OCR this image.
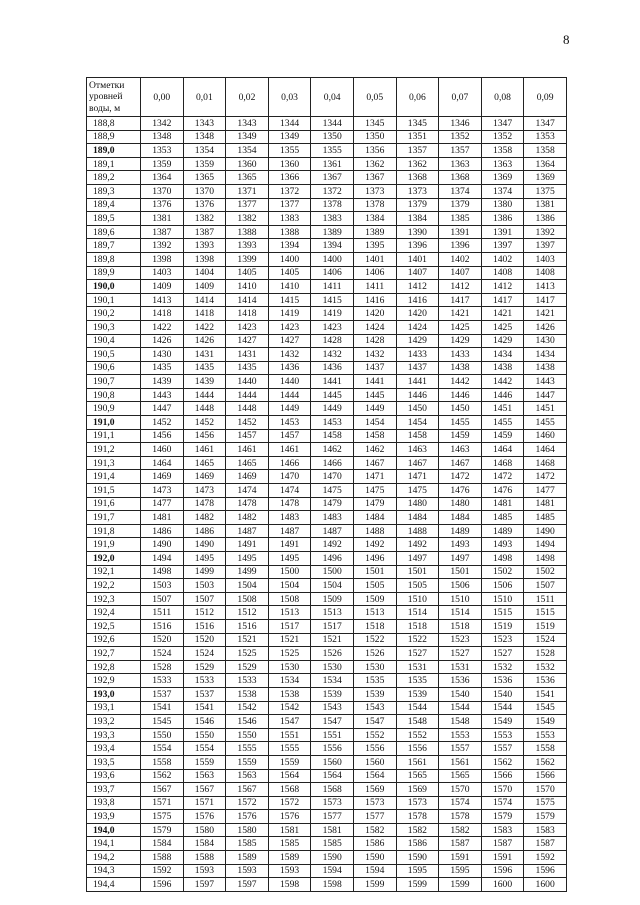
8
Отметки уровней воды, м	0,00	0,01	0,02	0,03	0,04	0,05	0,06	0,07	0,08	0,09
188,8	1342	1343	1343	1344	1344	1345	1345	1346	1347	1347
188,9	1348	1348	1349	1349	1350	1350	1351	1352	1352	1353
189,0	1353	1354	1354	1355	1355	1356	1357	1357	1358	1358
189,1	1359	1359	1360	1360	1361	1362	1362	1363	1363	1364
189,2	1364	1365	1365	1366	1367	1367	1368	1368	1369	1369
189,3	1370	1370	1371	1372	1372	1373	1373	1374	1374	1375
189,4	1376	1376	1377	1377	1378	1378	1379	1379	1380	1381
189,5	1381	1382	1382	1383	1383	1384	1384	1385	1386	1386
189,6	1387	1387	1388	1388	1389	1389	1390	1391	1391	1392
189,7	1392	1393	1393	1394	1394	1395	1396	1396	1397	1397
189,8	1398	1398	1399	1400	1400	1401	1401	1402	1402	1403
189,9	1403	1404	1405	1405	1406	1406	1407	1407	1408	1408
190,0	1409	1409	1410	1410	1411	1411	1412	1412	1412	1413
190,1	1413	1414	1414	1415	1415	1416	1416	1417	1417	1417
190,2	1418	1418	1418	1419	1419	1420	1420	1421	1421	1421
190,3	1422	1422	1423	1423	1423	1424	1424	1425	1425	1426
190,4	1426	1426	1427	1427	1428	1428	1429	1429	1429	1430
190,5	1430	1431	1431	1432	1432	1432	1433	1433	1434	1434
190,6	1435	1435	1435	1436	1436	1437	1437	1438	1438	1438
190,7	1439	1439	1440	1440	1441	1441	1441	1442	1442	1443
190,8	1443	1444	1444	1444	1445	1445	1446	1446	1446	1447
190,9	1447	1448	1448	1449	1449	1449	1450	1450	1451	1451
191,0	1452	1452	1452	1453	1453	1454	1454	1455	1455	1455
191,1	1456	1456	1457	1457	1458	1458	1458	1459	1459	1460
191,2	1460	1461	1461	1461	1462	1462	1463	1463	1464	1464
191,3	1464	1465	1465	1466	1466	1467	1467	1467	1468	1468
191,4	1469	1469	1469	1470	1470	1471	1471	1472	1472	1472
191,5	1473	1473	1474	1474	1475	1475	1475	1476	1476	1477
191,6	1477	1478	1478	1478	1479	1479	1480	1480	1481	1481
191,7	1481	1482	1482	1483	1483	1484	1484	1484	1485	1485
191,8	1486	1486	1487	1487	1487	1488	1488	1489	1489	1490
191,9	1490	1490	1491	1491	1492	1492	1492	1493	1493	1494
192,0	1494	1495	1495	1495	1496	1496	1497	1497	1498	1498
192,1	1498	1499	1499	1500	1500	1501	1501	1501	1502	1502
192,2	1503	1503	1504	1504	1504	1505	1505	1506	1506	1507
192,3	1507	1507	1508	1508	1509	1509	1510	1510	1510	1511
192,4	1511	1512	1512	1513	1513	1513	1514	1514	1515	1515
192,5	1516	1516	1516	1517	1517	1518	1518	1518	1519	1519
192,6	1520	1520	1521	1521	1521	1522	1522	1523	1523	1524
192,7	1524	1524	1525	1525	1526	1526	1527	1527	1527	1528
192,8	1528	1529	1529	1530	1530	1530	1531	1531	1532	1532
192,9	1533	1533	1533	1534	1534	1535	1535	1536	1536	1536
193,0	1537	1537	1538	1538	1539	1539	1539	1540	1540	1541
193,1	1541	1541	1542	1542	1543	1543	1544	1544	1544	1545
193,2	1545	1546	1546	1547	1547	1547	1548	1548	1549	1549
193,3	1550	1550	1550	1551	1551	1552	1552	1553	1553	1553
193,4	1554	1554	1555	1555	1556	1556	1556	1557	1557	1558
193,5	1558	1559	1559	1559	1560	1560	1561	1561	1562	1562
193,6	1562	1563	1563	1564	1564	1564	1565	1565	1566	1566
193,7	1567	1567	1567	1568	1568	1569	1569	1570	1570	1570
193,8	1571	1571	1572	1572	1573	1573	1573	1574	1574	1575
193,9	1575	1576	1576	1576	1577	1577	1578	1578	1579	1579
194,0	1579	1580	1580	1581	1581	1582	1582	1582	1583	1583
194,1	1584	1584	1585	1585	1585	1586	1586	1587	1587	1587
194,2	1588	1588	1589	1589	1590	1590	1590	1591	1591	1592
194,3	1592	1593	1593	1593	1594	1594	1595	1595	1596	1596
194,4	1596	1597	1597	1598	1598	1599	1599	1599	1600	1600
